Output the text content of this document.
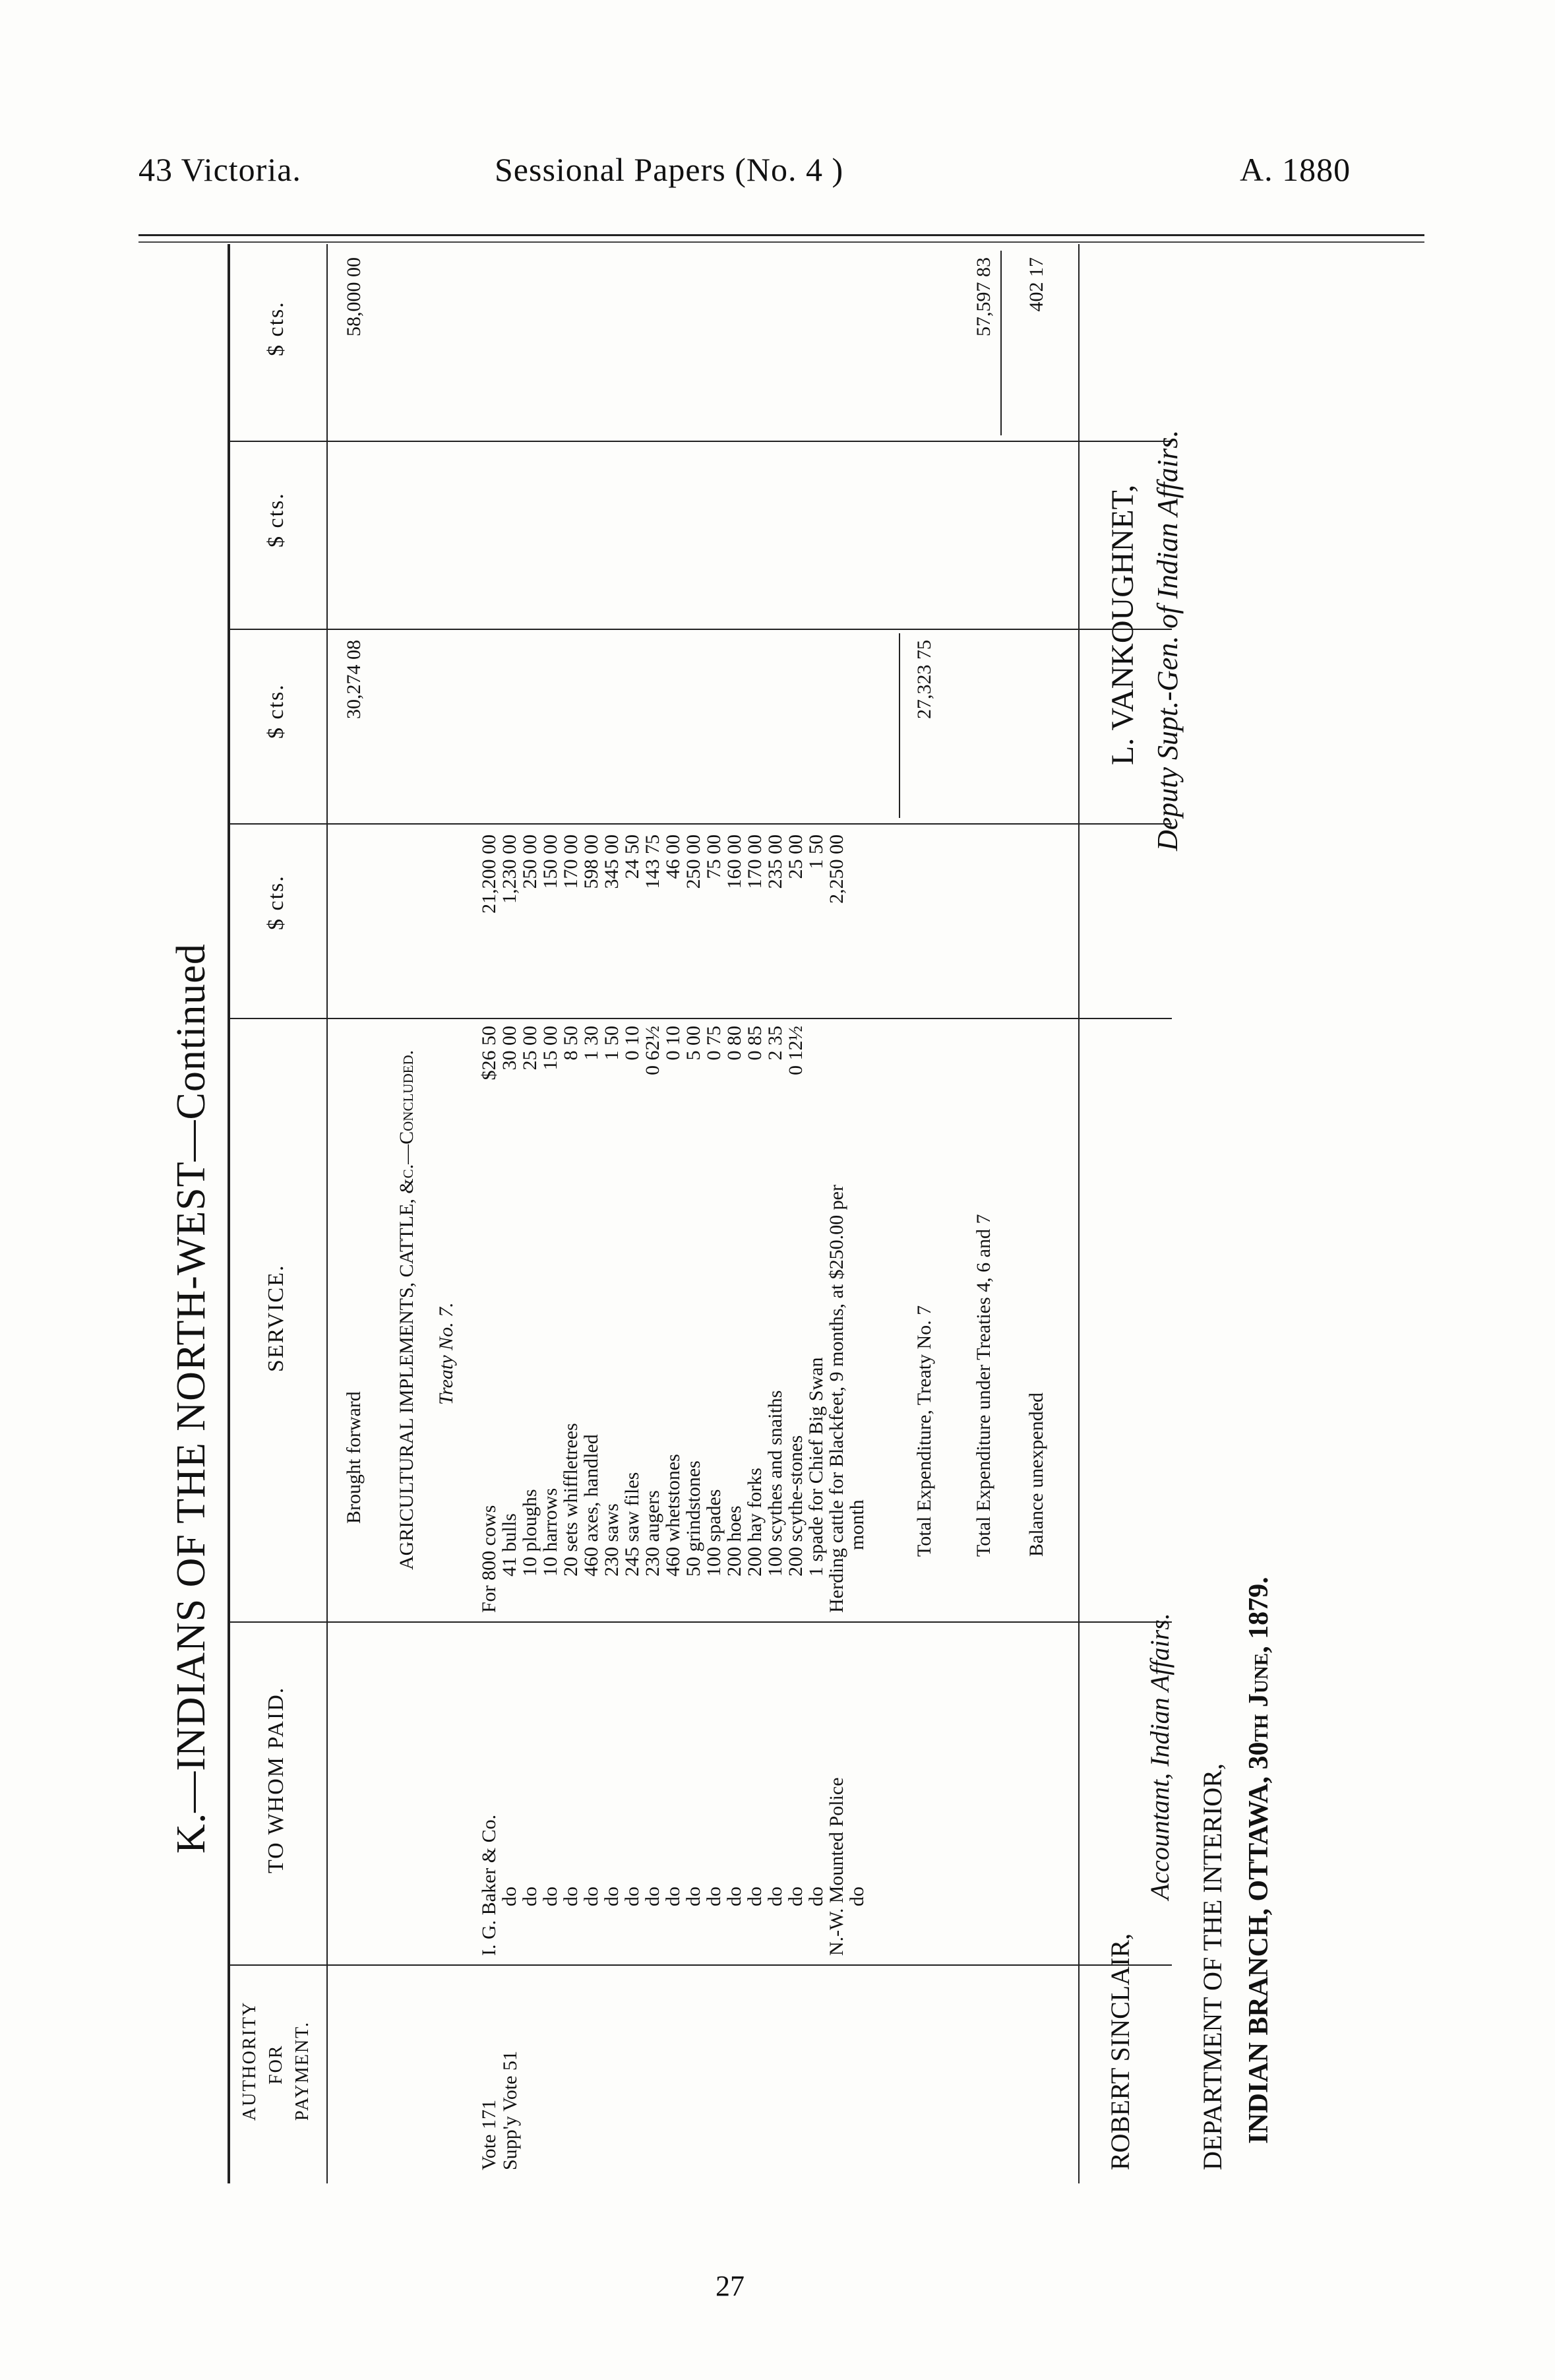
43 Victoria.	Sessional Papers (No. 4 )	A. 1880
K.—INDIANS OF THE NORTH-WEST—Continued
AUTHORITY FOR PAYMENT.
TO WHOM PAID.
SERVICE.
$ cts.
$ cts.
$ cts.
$ cts.
Brought forward
30,274 08
58,000 00
AGRICULTURAL IMPLEMENTS, CATTLE, &c.—Concluded. Treaty No. 7.
Vote 171 Supp'y Vote 51
I. G. Baker & Co.
For 800 cows
$26 50
21,200 00
do
41 bulls
30 00
1,230 00
do
10 ploughs
25 00
250 00
do
10 harrows
15 00
150 00
do
20 sets whiffletrees
8 50
170 00
do
460 axes, handled
1 30
598 00
do
230 saws
1 50
345 00
do
245 saw files
0 10
24 50
do
230 augers
0 62½
143 75
do
460 whetstones
0 10
46 00
do
50 grindstones
5 00
250 00
do
100 spades
0 75
75 00
do
200 hoes
0 80
160 00
do
200 hay forks
0 85
170 00
do
100 scythes and snaiths
2 35
235 00
do
200 scythe-stones
0 12½
25 00
do
1 spade for Chief Big Swan
1 50
N.-W. Mounted Police
Herding cattle for Blackfeet, 9 months, at $250.00 per
2,250 00
do
month Total Expenditure, Treaty No. 7
27,323 75
Total Expenditure under Treaties 4, 6 and 7
57,597 83
Balance unexpended
402 17
ROBERT SINCLAIR,
Accountant, Indian Affairs.
DEPARTMENT OF THE INTERIOR, INDIAN BRANCH, OTTAWA, 30th June, 1879.
L. VANKOUGHNET, Deputy Supt.-Gen. of Indian Affairs.
27
